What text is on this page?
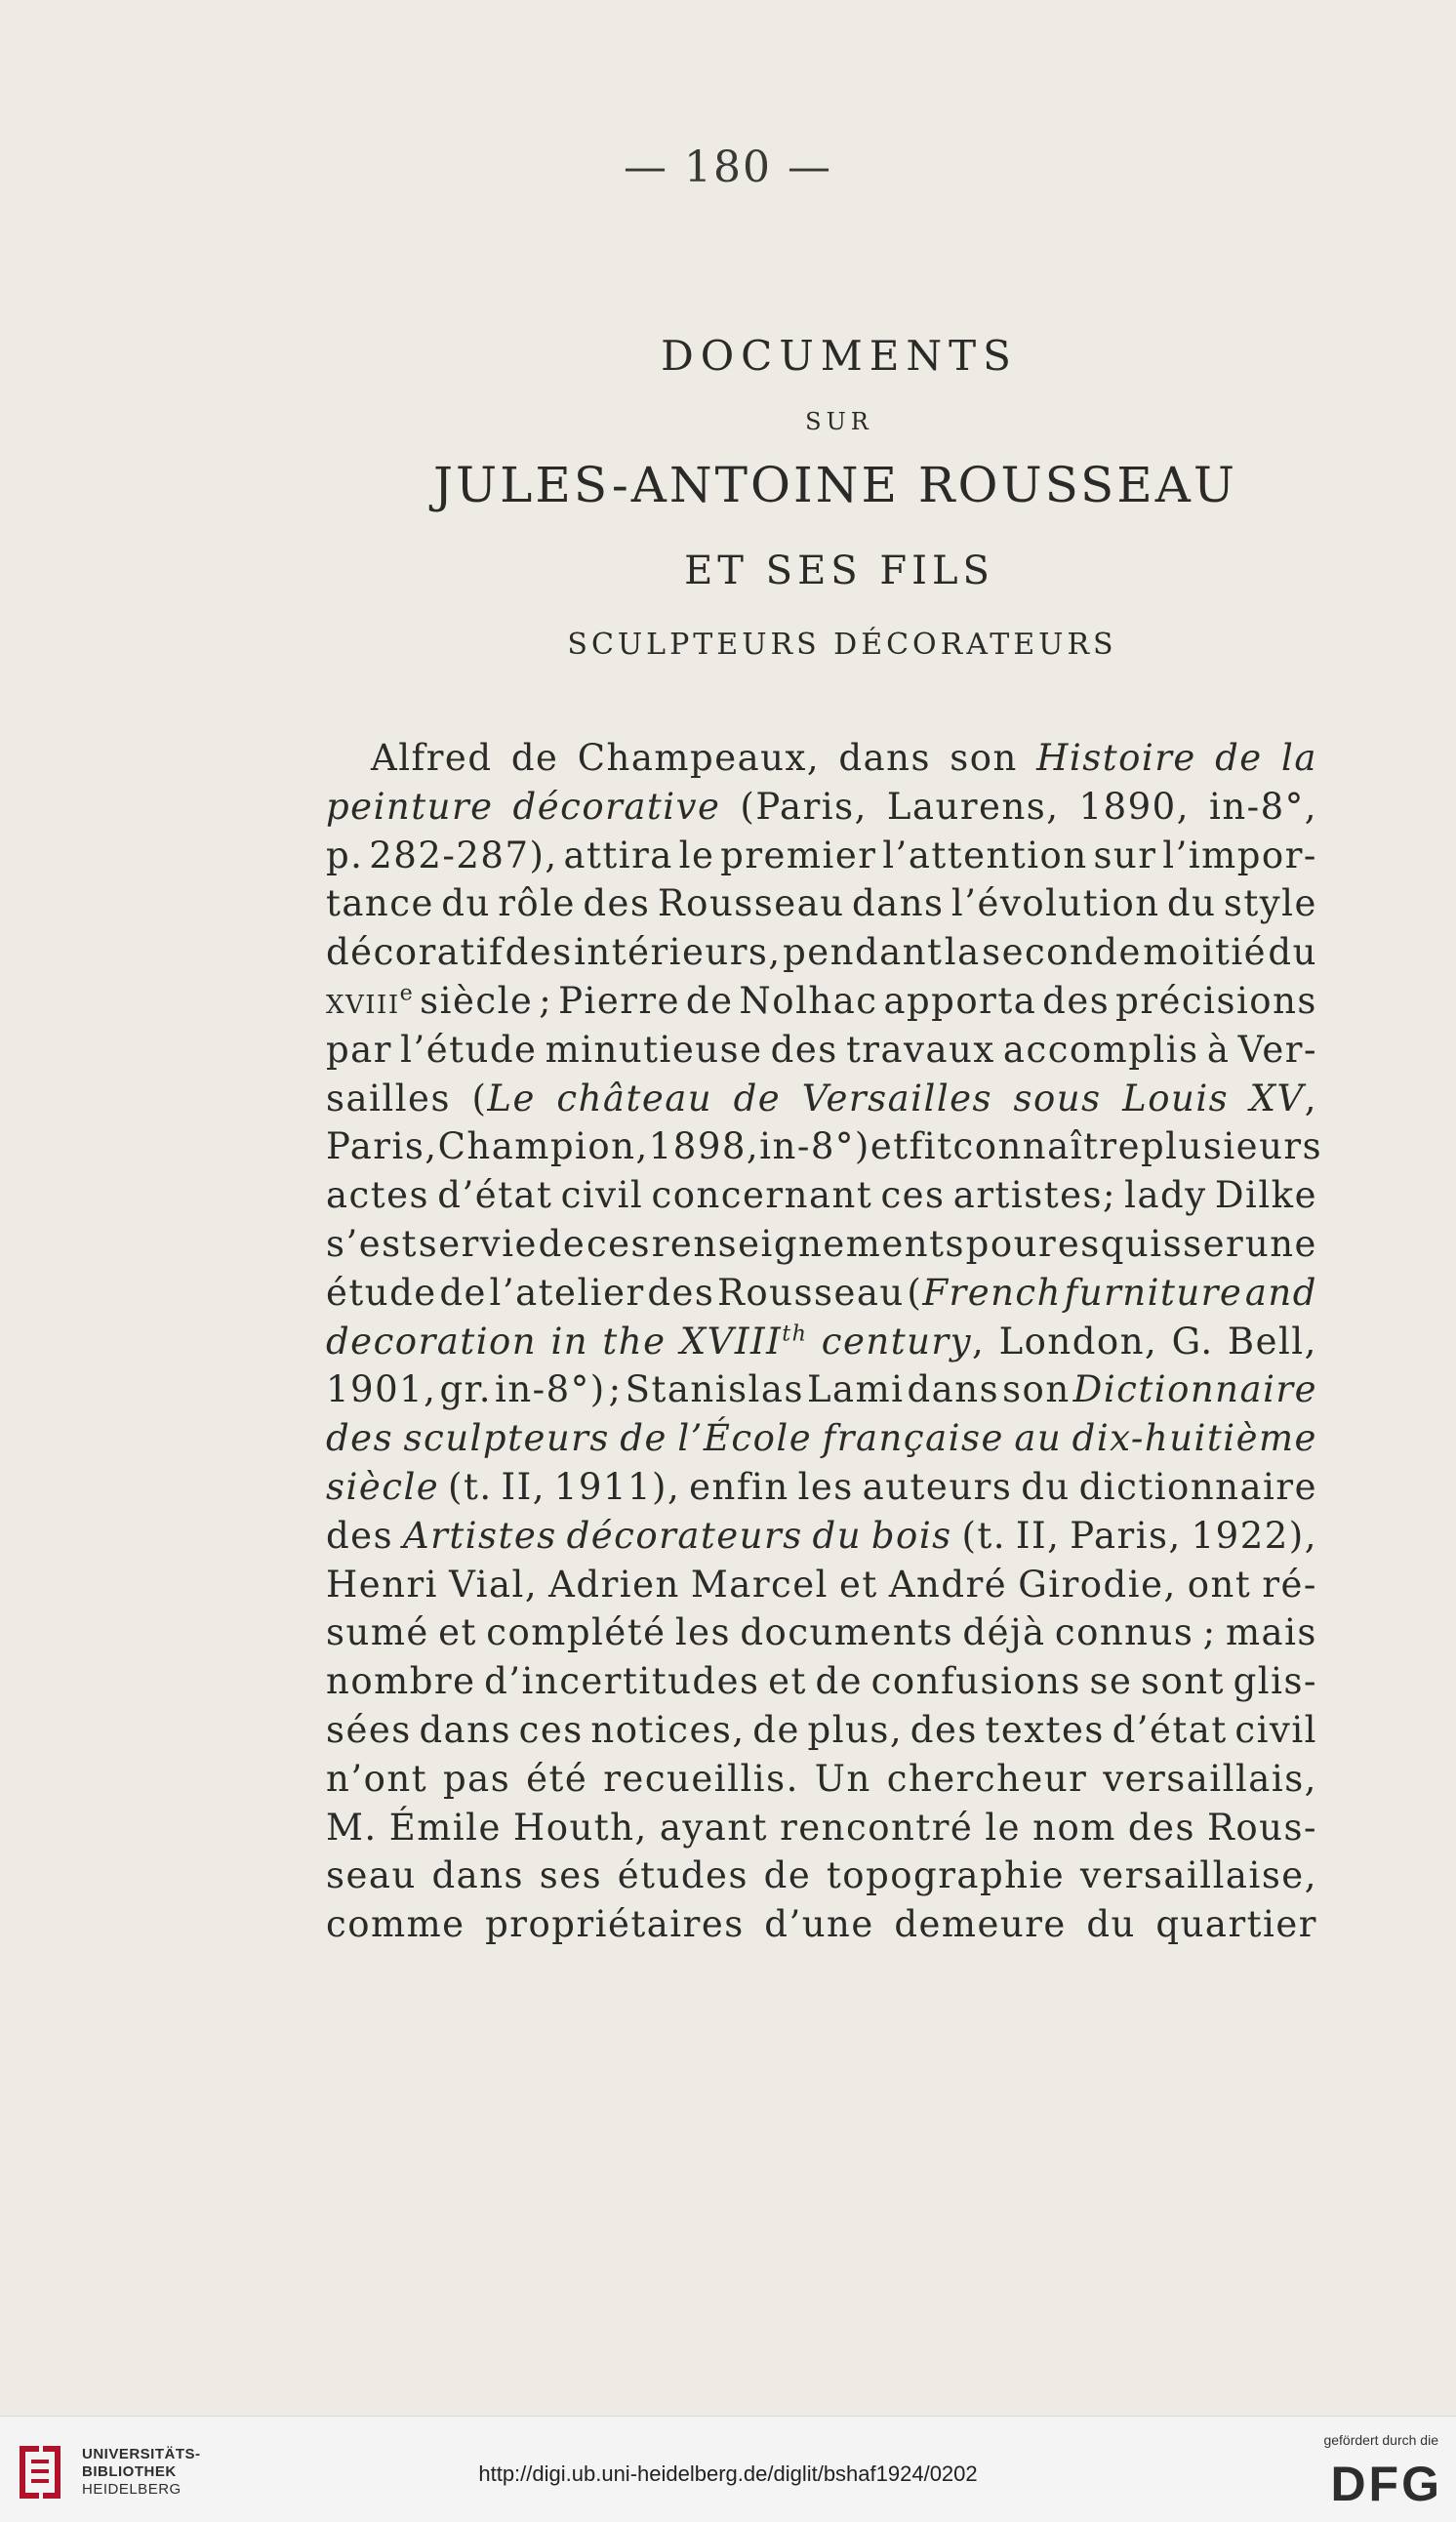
— 180 —
DOCUMENTS
SUR
JULES-ANTOINE ROUSSEAU
ET SES FILS
SCULPTEURS DÉCORATEURS
Alfred de Champeaux, dans son Histoire de la
peinture décorative (Paris, Laurens, 1890, in-8°,
p. 282-287), attira le premier l’attention sur l’impor-
tance du rôle des Rousseau dans l’évolution du style
décoratif des intérieurs, pendant la seconde moitié du
xviii$^e$ siècle ; Pierre de Nolhac apporta des précisions
par l’étude minutieuse des travaux accomplis à Ver-
sailles (Le château de Versailles sous Louis XV,
Paris, Champion, 1898, in-8°) et fit connaître plusieurs
actes d’état civil concernant ces artistes; lady Dilke
s’est servie de ces renseignements pour esquisser une
étude de l’atelier des Rousseau (French furniture and
decoration in the XVIIIth century, London, G. Bell,
1901, gr. in-8°) ; Stanislas Lami dans son Dictionnaire
des sculpteurs de l’École française au dix-huitième
siècle (t. II, 1911), enfin les auteurs du dictionnaire
des Artistes décorateurs du bois (t. II, Paris, 1922),
Henri Vial, Adrien Marcel et André Girodie, ont ré-
sumé et complété les documents déjà connus ; mais
nombre d’incertitudes et de confusions se sont glis-
sées dans ces notices, de plus, des textes d’état civil
n’ont pas été recueillis. Un chercheur versaillais,
M. Émile Houth, ayant rencontré le nom des Rous-
seau dans ses études de topographie versaillaise,
comme propriétaires d’une demeure du quartier
UNIVERSITÄTS-
BIBLIOTHEK
HEIDELBERG
http://digi.ub.uni-heidelberg.de/diglit/bshaf1924/0202
gefördert durch die
DFG
